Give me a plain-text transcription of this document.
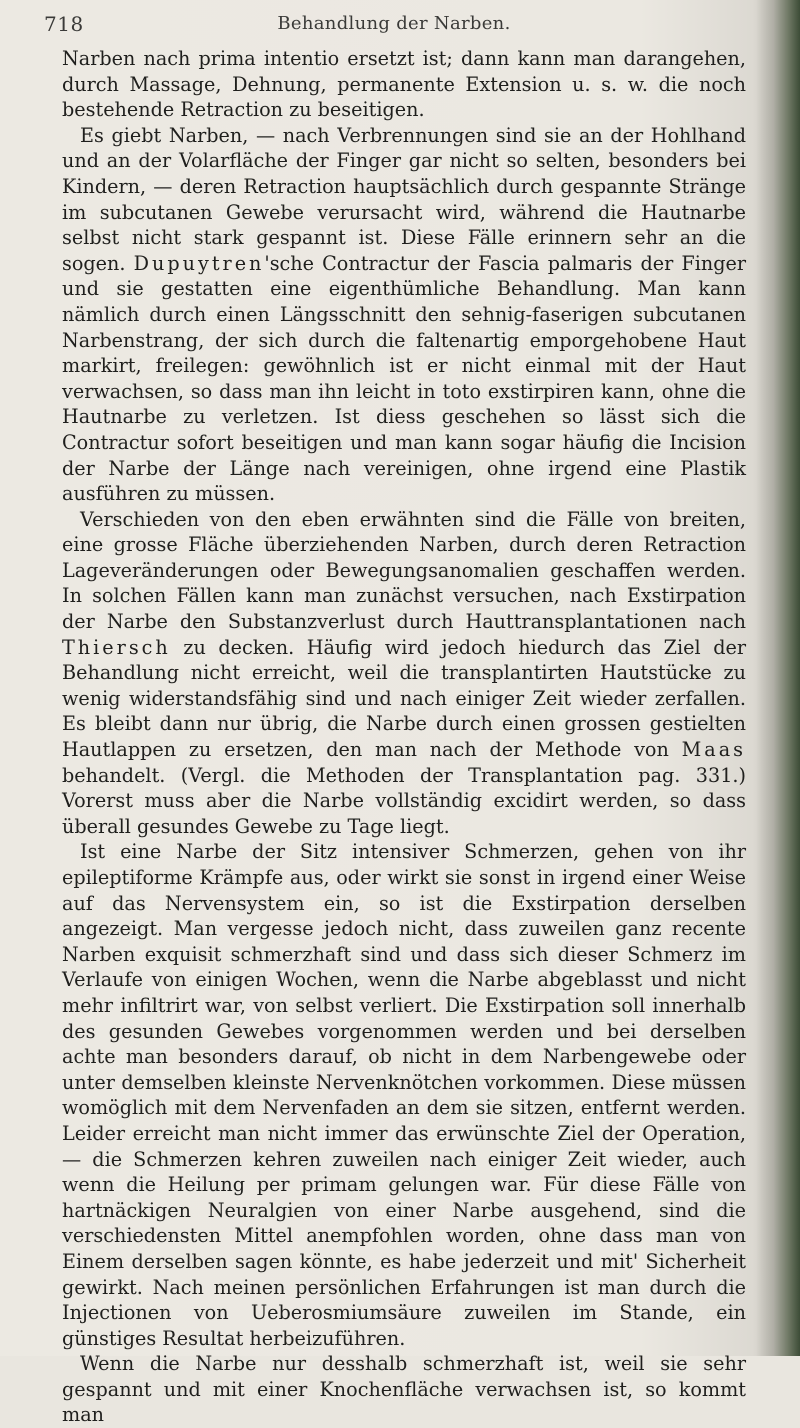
718	Behandlung der Narben.

Narben nach prima intentio ersetzt ist; dann kann man darangehen, durch Massage, Dehnung, permanente Extension u. s. w. die noch bestehende Retraction zu beseitigen.

Es giebt Narben, — nach Verbrennungen sind sie an der Hohlhand und an der Volarfläche der Finger gar nicht so selten, besonders bei Kindern, — deren Retraction hauptsächlich durch gespannte Stränge im subcutanen Gewebe verursacht wird, während die Hautnarbe selbst nicht stark gespannt ist. Diese Fälle erinnern sehr an die sogen. Dupuytren'sche Contractur der Fascia palmaris der Finger und sie gestatten eine eigenthümliche Behandlung. Man kann nämlich durch einen Längsschnitt den sehnig-faserigen subcutanen Narbenstrang, der sich durch die faltenartig emporgehobene Haut markirt, freilegen: gewöhnlich ist er nicht einmal mit der Haut verwachsen, so dass man ihn leicht in toto exstirpiren kann, ohne die Hautnarbe zu verletzen. Ist diess geschehen so lässt sich die Contractur sofort beseitigen und man kann sogar häufig die Incision der Narbe der Länge nach vereinigen, ohne irgend eine Plastik ausführen zu müssen.

Verschieden von den eben erwähnten sind die Fälle von breiten, eine grosse Fläche überziehenden Narben, durch deren Retraction Lageveränderungen oder Bewegungsanomalien geschaffen werden. In solchen Fällen kann man zunächst versuchen, nach Exstirpation der Narbe den Substanzverlust durch Hauttransplantationen nach Thiersch zu decken. Häufig wird jedoch hiedurch das Ziel der Behandlung nicht erreicht, weil die transplantirten Hautstücke zu wenig widerstandsfähig sind und nach einiger Zeit wieder zerfallen. Es bleibt dann nur übrig, die Narbe durch einen grossen gestielten Hautlappen zu ersetzen, den man nach der Methode von Maas behandelt. (Vergl. die Methoden der Transplantation pag. 331.) Vorerst muss aber die Narbe vollständig excidirt werden, so dass überall gesundes Gewebe zu Tage liegt.

Ist eine Narbe der Sitz intensiver Schmerzen, gehen von ihr epileptiforme Krämpfe aus, oder wirkt sie sonst in irgend einer Weise auf das Nervensystem ein, so ist die Exstirpation derselben angezeigt. Man vergesse jedoch nicht, dass zuweilen ganz recente Narben exquisit schmerzhaft sind und dass sich dieser Schmerz im Verlaufe von einigen Wochen, wenn die Narbe abgeblasst und nicht mehr infiltrirt war, von selbst verliert. Die Exstirpation soll innerhalb des gesunden Gewebes vorgenommen werden und bei derselben achte man besonders darauf, ob nicht in dem Narbengewebe oder unter demselben kleinste Nervenknötchen vorkommen. Diese müssen womöglich mit dem Nervenfaden an dem sie sitzen, entfernt werden. Leider erreicht man nicht immer das erwünschte Ziel der Operation, — die Schmerzen kehren zuweilen nach einiger Zeit wieder, auch wenn die Heilung per primam gelungen war. Für diese Fälle von hartnäckigen Neuralgien von einer Narbe ausgehend, sind die verschiedensten Mittel anempfohlen worden, ohne dass man von Einem derselben sagen könnte, es habe jederzeit und mit' Sicherheit gewirkt. Nach meinen persönlichen Erfahrungen ist man durch die Injectionen von Ueberosmiumsäure zuweilen im Stande, ein günstiges Resultat herbeizuführen.

Wenn die Narbe nur desshalb schmerzhaft ist, weil sie sehr gespannt und mit einer Knochenfläche verwachsen ist, so kommt man
